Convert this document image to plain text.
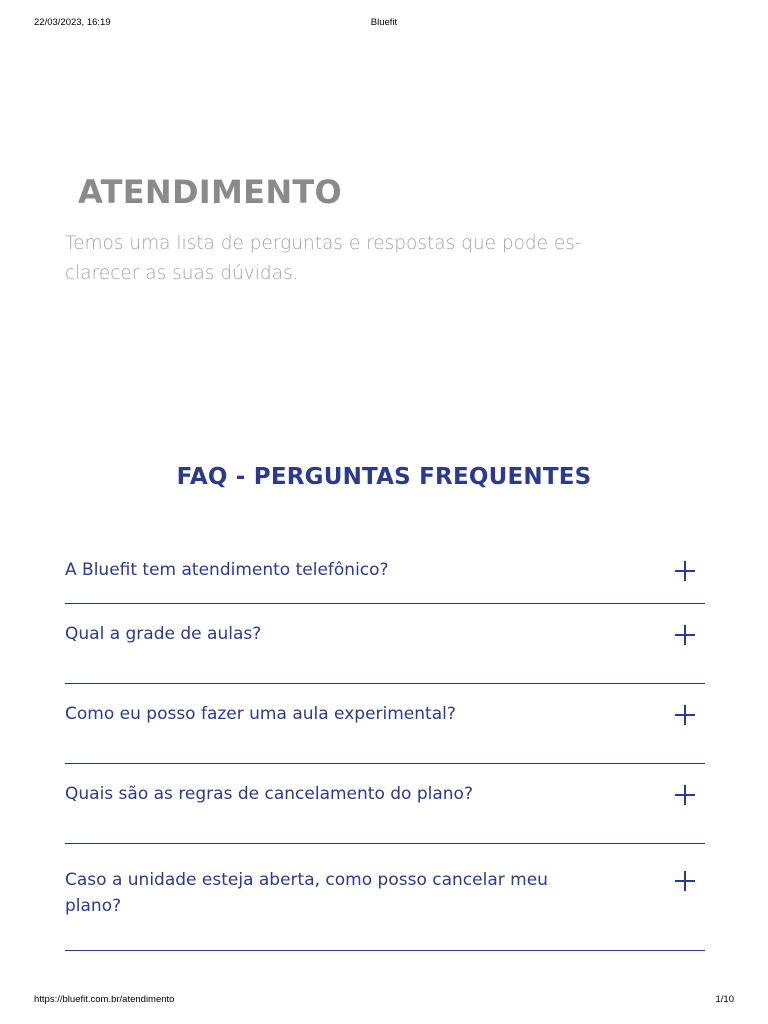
22/03/2023, 16:19	Bluefit
ATENDIMENTO

Temos uma lista de perguntas e respostas que pode es-
clarecer as suas dúvidas.

FAQ - PERGUNTAS FREQUENTES
A Bluefit tem atendimento telefônico?
Qual a grade de aulas?
Como eu posso fazer uma aula experimental?
Quais são as regras de cancelamento do plano?
Caso a unidade esteja aberta, como posso cancelar meu
plano?
https://bluefit.com.br/atendimento	1/10
